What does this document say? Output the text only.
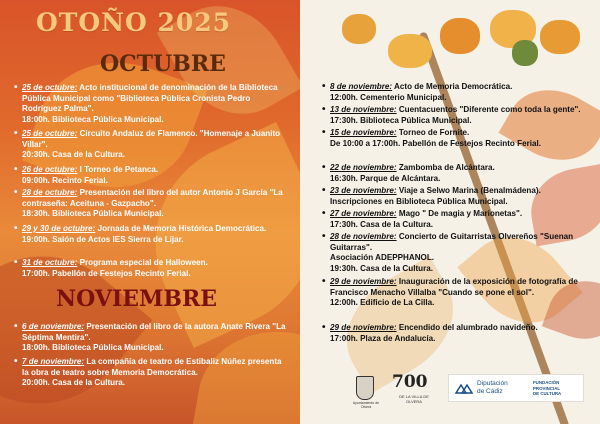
OTOÑO 2025
OCTUBRE
• 25 de octubre: Acto institucional de denominación de la Biblioteca Pública Municipal como "Biblioteca Pública Cronista Pedro Rodríguez Palma".
18:00h. Biblioteca Pública Municipal.
• 25 de octubre: Circuito Andaluz de Flamenco. "Homenaje a Juanito Villar".
20:30h. Casa de la Cultura.
• 26 de octubre: I Torneo de Petanca.
09:00h. Recinto Ferial.
• 28 de octubre: Presentación del libro del autor Antonio J García "La contraseña: Aceituna - Gazpacho".
18:30h. Biblioteca Pública Municipal.
• 29 y 30 de octubre: Jornada de Memoria Histórica Democrática.
19:00h. Salón de Actos IES Sierra de Líjar.
• 31 de octubre: Programa especial de Halloween.
17:00h. Pabellón de Festejos Recinto Ferial.
NOVIEMBRE
• 6 de noviembre: Presentación del libro de la autora Anate Rivera "La Séptima Mentira".
18:00h. Biblioteca Pública Municipal.
• 7 de noviembre: La compañía de teatro de Estibaliz Núñez presenta la obra de teatro sobre Memoria Democrática.
20:00h. Casa de la Cultura.
• 8 de noviembre: Acto de Memoria Democrática.
12:00h. Cementerio Municipal.
• 13 de noviembre: Cuentacuentos "Diferente como toda la gente". 17:30h. Biblioteca Pública Municipal.
• 15 de noviembre: Torneo de Fornite.
De 10:00 a 17:00h. Pabellón de Festejos Recinto Ferial.
• 22 de noviembre: Zambomba de Alcántara.
16:30h. Parque de Alcántara.
• 23 de noviembre: Viaje a Selwo Marina (Benalmádena).
Inscripciones en Biblioteca Pública Municipal.
• 27 de noviembre: Mago " De magia y Marionetas".
17:30h. Casa de la Cultura.
• 28 de noviembre: Concierto de Guitarristas Olvereños "Suenan Guitarras".
Asociación ADEPPHANOL.
19:30h. Casa de la Cultura.
• 29 de noviembre: Inauguración de la exposición de fotografía de Francisco Menacho Villalba "Cuando se pone el sol".
12:00h. Edificio de La Cilla.
• 29 de noviembre: Encendido del alumbrado navideño.
17:00h. Plaza de Andalucía.
Ayuntamiento de Olvera
700
DE LA VILLA DE OLVERA
Diputación
de Cádiz
FUNDACIÓN
PROVINCIAL
DE CULTURA
